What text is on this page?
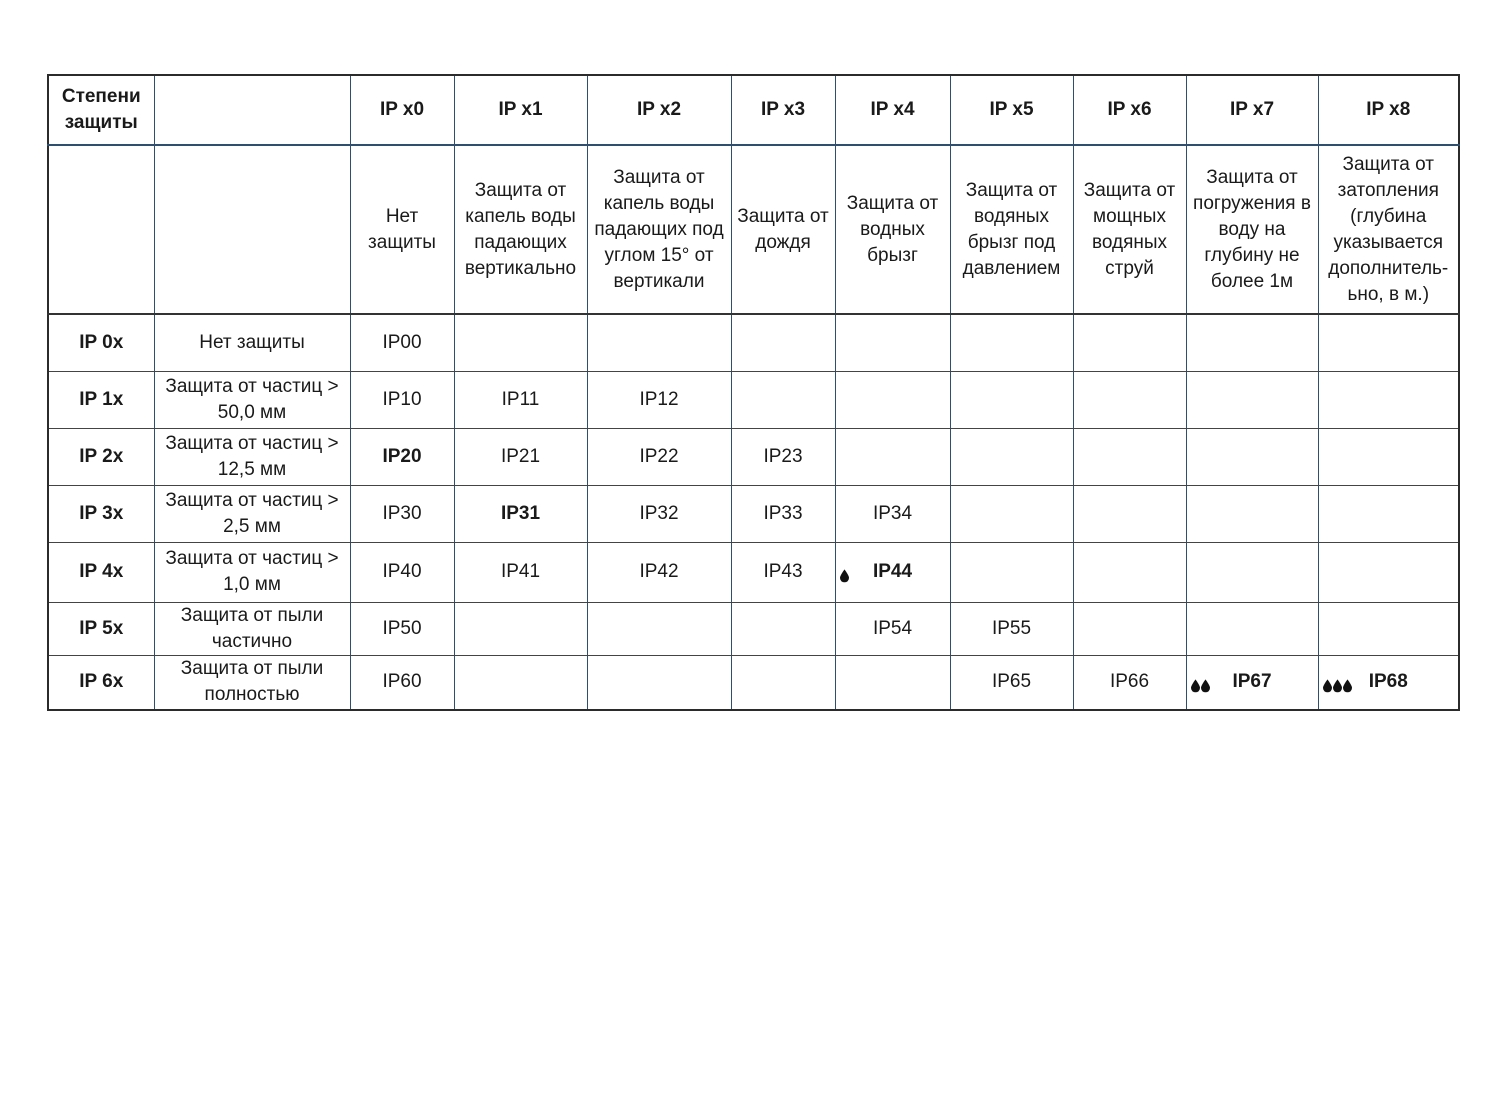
Степени защиты		IP x0	IP x1	IP x2	IP x3	IP x4	IP x5	IP x6	IP x7	IP x8
		Нет защиты	Защита от капель воды падающих вертикально	Защита от капель воды падающих под углом 15° от вертикали	Защита от дождя	Защита от водных брызг	Защита от водяных брызг под давлением	Защита от мощных водяных струй	Защита от погружения в воду на глубину не более 1м	Защита от затопления (глубина указывается дополнитель-ьно, в м.)
IP 0x	Нет защиты	IP00								
IP 1x	Защита от частиц > 50,0 мм	IP10	IP11	IP12						
IP 2x	Защита от частиц > 12,5 мм	IP20	IP21	IP22	IP23					
IP 3x	Защита от частиц > 2,5 мм	IP30	IP31	IP32	IP33	IP34				
IP 4x	Защита от частиц > 1,0 мм	IP40	IP41	IP42	IP43	IP44				
IP 5x	Защита от пыли частично	IP50				IP54	IP55			
IP 6x	Защита от пыли полностью	IP60					IP65	IP66	IP67	IP68
